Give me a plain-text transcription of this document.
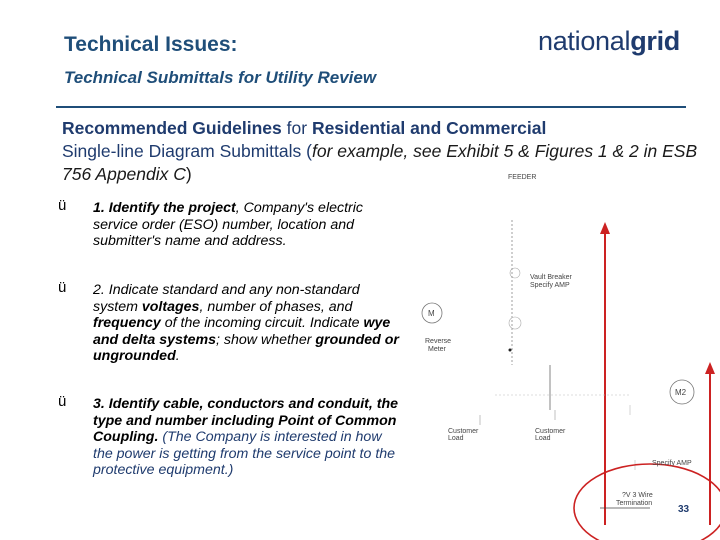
Technical Issues:
Technical Submittals for Utility Review
nationalgrid
Recommended Guidelines for Residential and Commercial
Single-line Diagram Submittals (for example, see Exhibit 5 & Figures 1 & 2 in ESB 756 Appendix C)
ü 1. Identify the project, Company's electric service order (ESO) number, location and submitter's name and address.
ü 2. Indicate standard and any non-standard system voltages, number of phases, and frequency of the incoming circuit. Indicate wye and delta systems; show whether grounded or ungrounded.
ü 3. Identify cable, conductors and conduit, the type and number including Point of Common Coupling. (The Company is interested in how the power is getting from the service point to the protective equipment.)
FEEDER
Vault Breaker
Specify AMP
M
Reverse
Meter
M2
Customer Load
Customer Load
Specify AMP
?V 3 Wire
Termination
33
